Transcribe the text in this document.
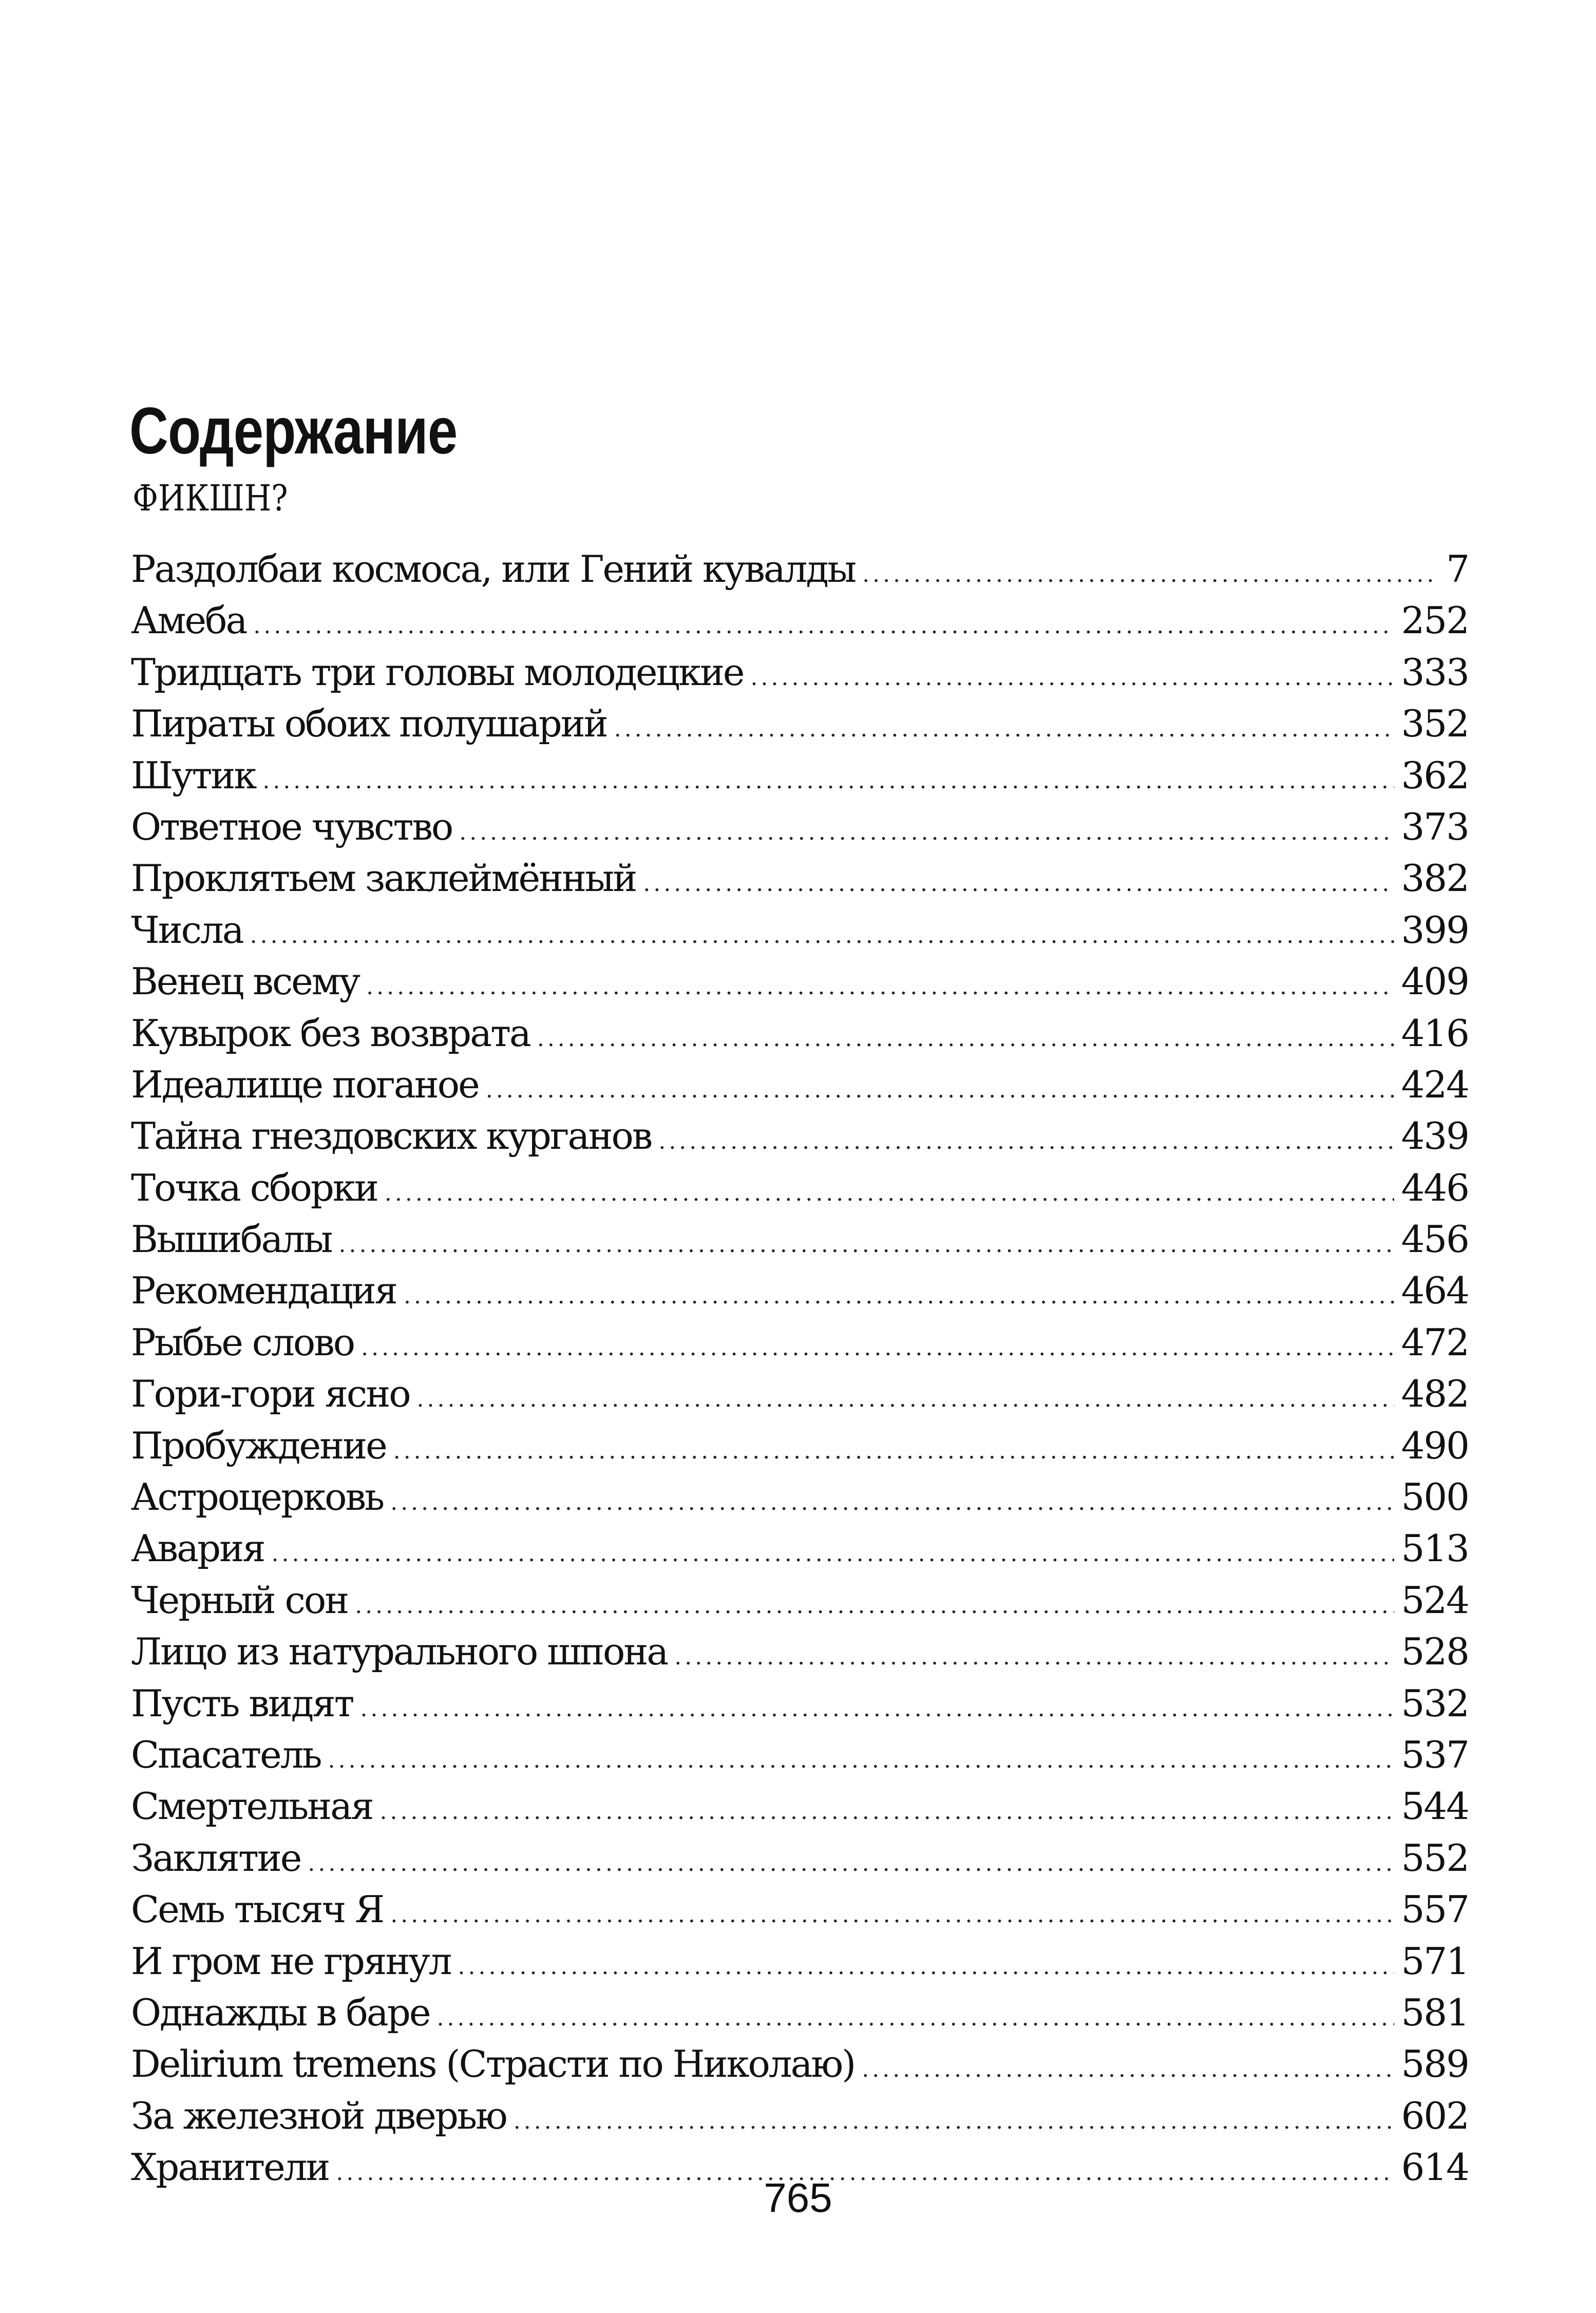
Содержание
ФИКШН?
Раздолбаи космоса, или Гений кувалды .....	7
Амеба .....	252
Тридцать три головы молодецкие .....	333
Пираты обоих полушарий .....	352
Шутик .....	362
Ответное чувство .....	373
Проклятьем заклеймённый .....	382
Числа .....	399
Венец всему .....	409
Кувырок без возврата .....	416
Идеалище поганое .....	424
Тайна гнездовских курганов .....	439
Точка сборки .....	446
Вышибалы .....	456
Рекомендация .....	464
Рыбье слово .....	472
Гори-гори ясно .....	482
Пробуждение .....	490
Астроцерковь .....	500
Авария .....	513
Черный сон .....	524
Лицо из натурального шпона .....	528
Пусть видят .....	532
Спасатель .....	537
Смертельная .....	544
Заклятие .....	552
Семь тысяч Я .....	557
И гром не грянул .....	571
Однажды в баре .....	581
Delirium tremens (Страсти по Николаю) .....	589
За железной дверью .....	602
Хранители .....	614
765
